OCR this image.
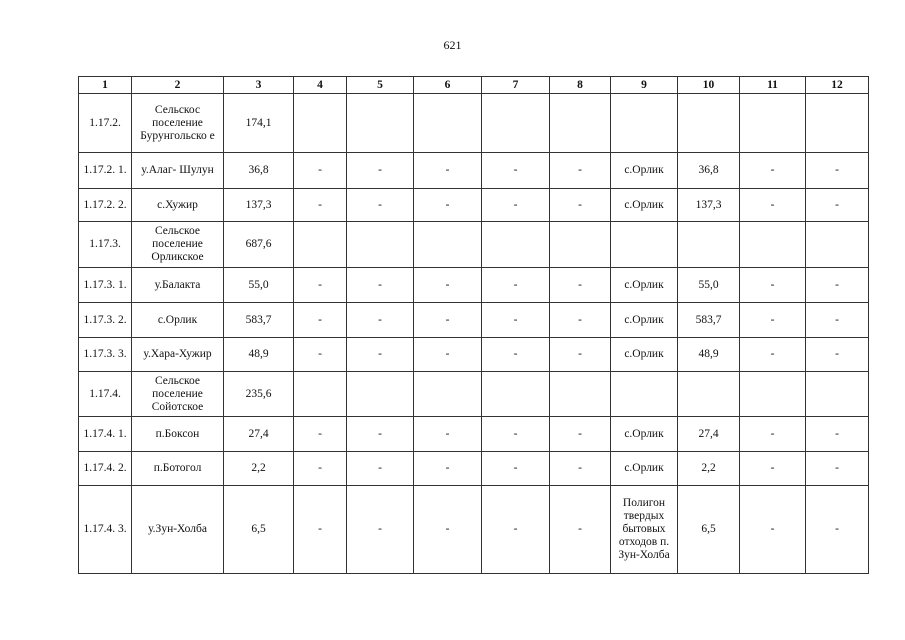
621
1	2	3	4	5	6	7	8	9	10	11	12
1.17.2.	Сельскос поселение Бурунгольско е	174,1									
1.17.2. 1.	у.Алаг- Шулун	36,8	-	-	-	-	-	с.Орлик	36,8	-	-
1.17.2. 2.	с.Хужир	137,3	-	-	-	-	-	с.Орлик	137,3	-	-
1.17.3.	Сельское поселение Орликское	687,6									
1.17.3. 1.	у.Балакта	55,0	-	-	-	-	-	с.Орлик	55,0	-	-
1.17.3. 2.	с.Орлик	583,7	-	-	-	-	-	с.Орлик	583,7	-	-
1.17.3. 3.	у.Хара-Хужир	48,9	-	-	-	-	-	с.Орлик	48,9	-	-
1.17.4.	Сельское поселение Сойотское	235,6									
1.17.4. 1.	п.Боксон	27,4	-	-	-	-	-	с.Орлик	27,4	-	-
1.17.4. 2.	п.Ботогол	2,2	-	-	-	-	-	с.Орлик	2,2	-	-
1.17.4. 3.	у.Зун-Холба	6,5	-	-	-	-	-	Полигон твердых бытовых отходов п. Зун-Холба	6,5	-	-
